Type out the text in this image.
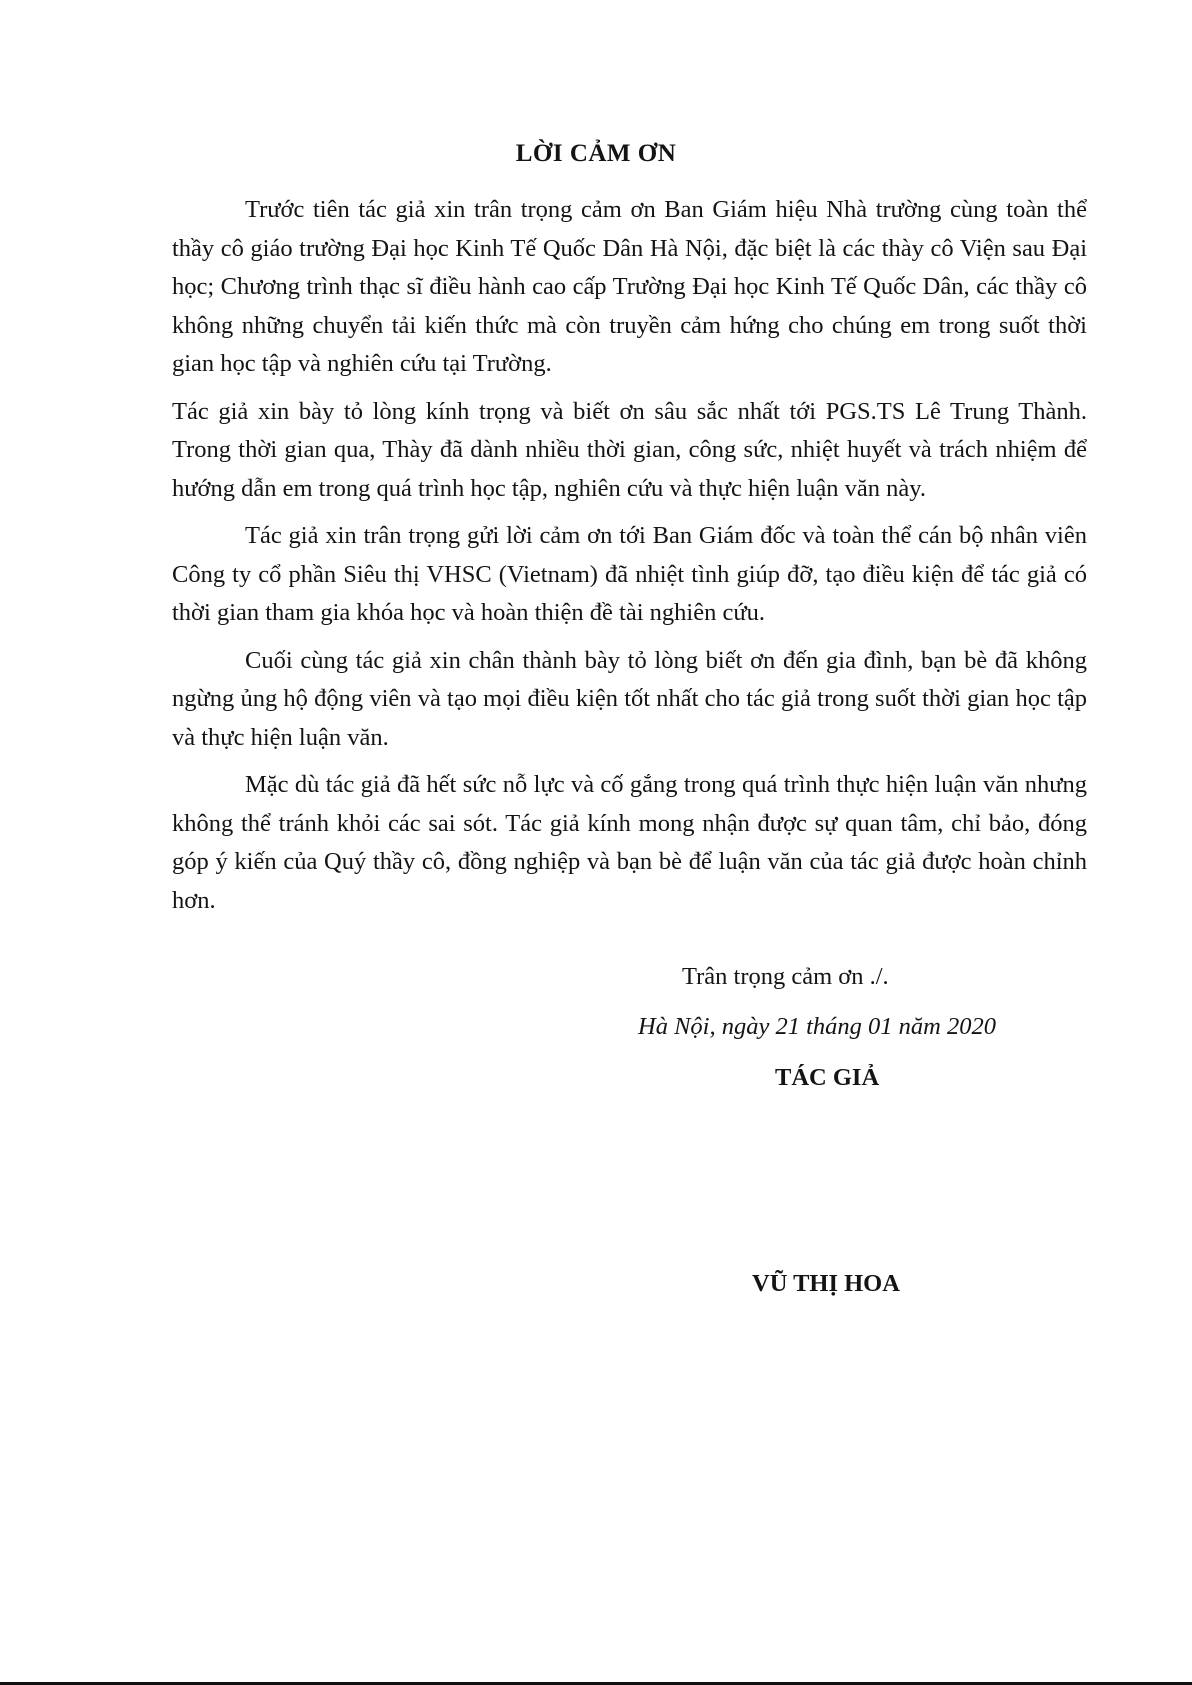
LỜI CẢM ƠN

Trước tiên tác giả xin trân trọng cảm ơn Ban Giám hiệu Nhà trường cùng toàn thể thầy cô giáo trường Đại học Kinh Tế Quốc Dân Hà Nội, đặc biệt là các thày cô Viện sau Đại học; Chương trình thạc sĩ điều hành cao cấp Trường Đại học Kinh Tế Quốc Dân, các thầy cô không những chuyển tải kiến thức mà còn truyền cảm hứng cho chúng em trong suốt thời gian học tập và nghiên cứu tại Trường.

Tác giả xin bày tỏ lòng kính trọng và biết ơn sâu sắc nhất tới PGS.TS Lê Trung Thành. Trong thời gian qua, Thày đã dành nhiều thời gian, công sức, nhiệt huyết và trách nhiệm để hướng dẫn em trong quá trình học tập, nghiên cứu và thực hiện luận văn này.

Tác giả xin trân trọng gửi lời cảm ơn tới Ban Giám đốc và toàn thể cán bộ nhân viên Công ty cổ phần Siêu thị VHSC (Vietnam) đã nhiệt tình giúp đỡ, tạo điều kiện để tác giả có thời gian tham gia khóa học và hoàn thiện đề tài nghiên cứu.

Cuối cùng tác giả xin chân thành bày tỏ lòng biết ơn đến gia đình, bạn bè đã không ngừng ủng hộ động viên và tạo mọi điều kiện tốt nhất cho tác giả trong suốt thời gian học tập và thực hiện luận văn.

Mặc dù tác giả đã hết sức nỗ lực và cố gắng trong quá trình thực hiện luận văn nhưng không thể tránh khỏi các sai sót. Tác giả kính mong nhận được sự quan tâm, chỉ bảo, đóng góp ý kiến của Quý thầy cô, đồng nghiệp và bạn bè để luận văn của tác giả được hoàn chỉnh hơn.

Trân trọng cảm ơn ./.
Hà Nội, ngày 21 tháng 01 năm 2020
TÁC GIẢ
VŨ THỊ HOA
